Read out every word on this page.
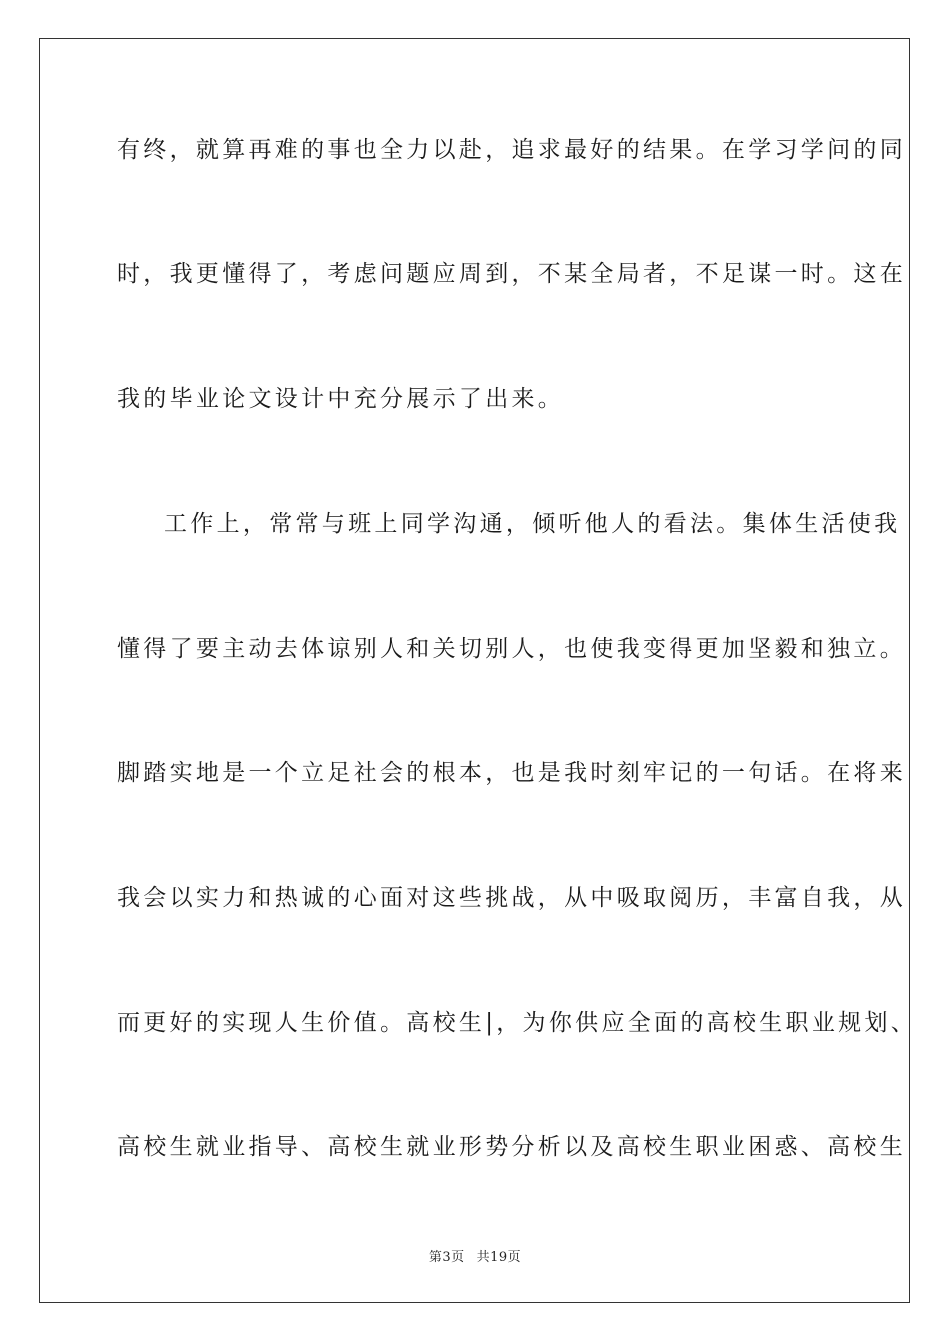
有终，就算再难的事也全力以赴，追求最好的结果。在学习学问的同
时，我更懂得了，考虑问题应周到，不某全局者，不足谋一时。这在
我的毕业论文设计中充分展示了出来。
工作上，常常与班上同学沟通，倾听他人的看法。集体生活使我
懂得了要主动去体谅别人和关切别人，也使我变得更加坚毅和独立。
脚踏实地是一个立足社会的根本，也是我时刻牢记的一句话。在将来
我会以实力和热诚的心面对这些挑战，从中吸取阅历，丰富自我，从
而更好的实现人生价值。高校生|，为你供应全面的高校生职业规划、
高校生就业指导、高校生就业形势分析以及高校生职业困惑、高校生
第3页 共19页
